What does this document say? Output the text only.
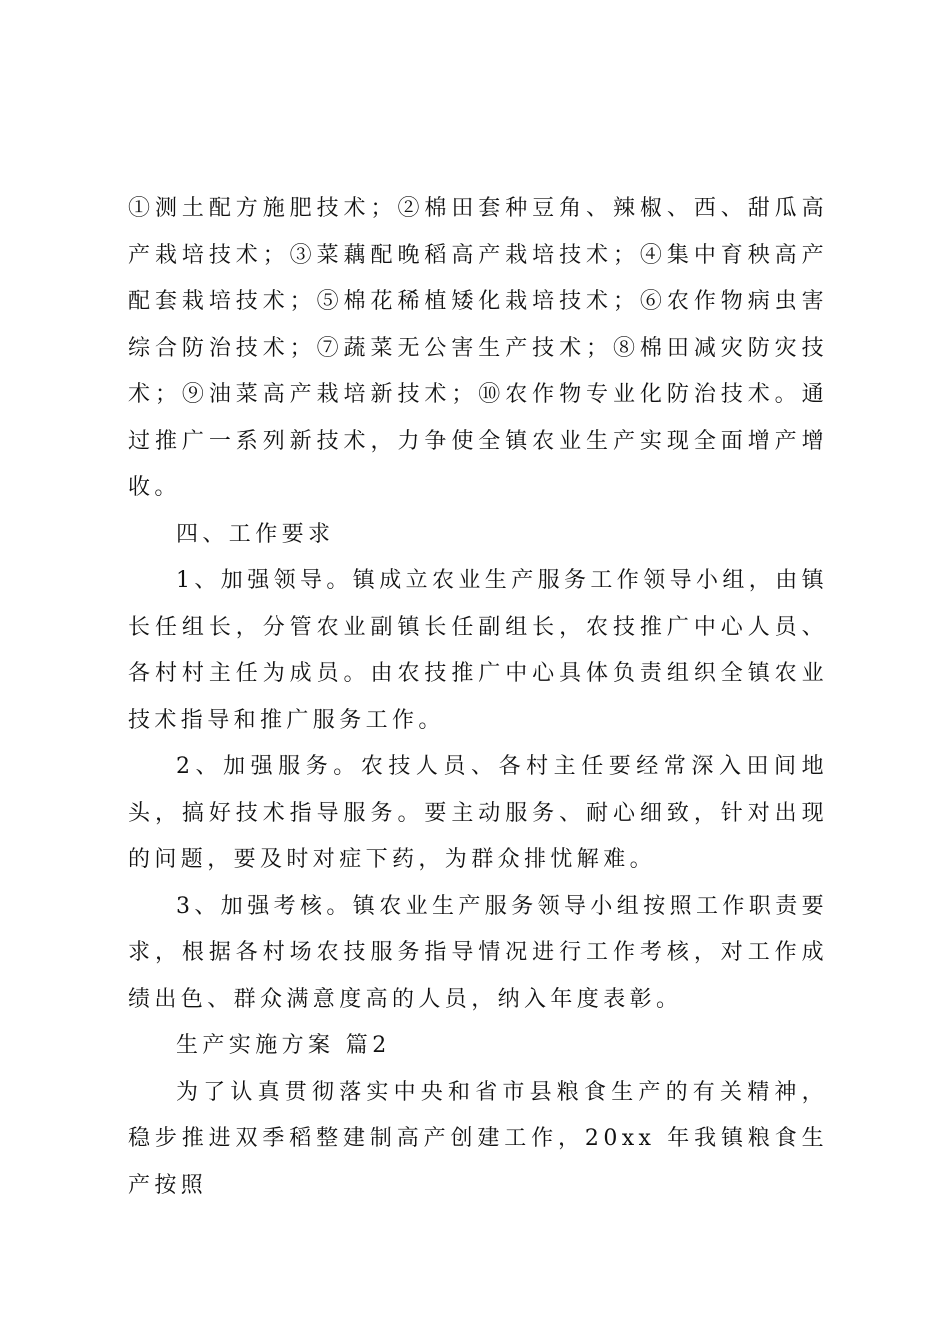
①测土配方施肥技术；②棉田套种豆角、辣椒、西、甜瓜高产栽培技术；③菜藕配晚稻高产栽培技术；④集中育秧高产配套栽培技术；⑤棉花稀植矮化栽培技术；⑥农作物病虫害综合防治技术；⑦蔬菜无公害生产技术；⑧棉田减灾防灾技术；⑨油菜高产栽培新技术；⑩农作物专业化防治技术。通过推广一系列新技术，力争使全镇农业生产实现全面增产增收。

四、工作要求

1、加强领导。镇成立农业生产服务工作领导小组，由镇长任组长，分管农业副镇长任副组长，农技推广中心人员、各村村主任为成员。由农技推广中心具体负责组织全镇农业技术指导和推广服务工作。

2、加强服务。农技人员、各村主任要经常深入田间地头，搞好技术指导服务。要主动服务、耐心细致，针对出现的问题，要及时对症下药，为群众排忧解难。

3、加强考核。镇农业生产服务领导小组按照工作职责要求，根据各村场农技服务指导情况进行工作考核，对工作成绩出色、群众满意度高的人员，纳入年度表彰。

生产实施方案 篇2

为了认真贯彻落实中央和省市县粮食生产的有关精神，稳步推进双季稻整建制高产创建工作，20xx 年我镇粮食生产按照
